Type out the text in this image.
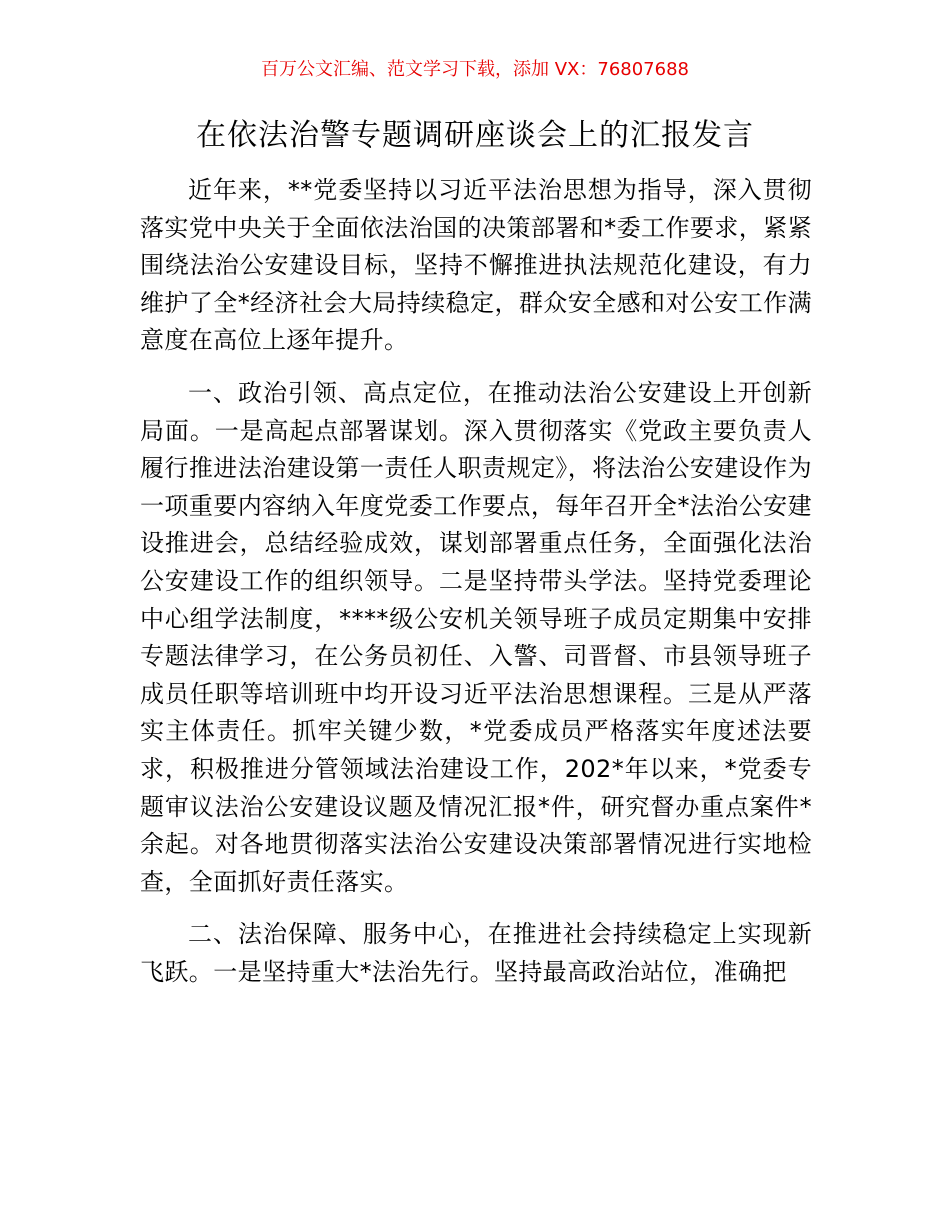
百万公文汇编、范文学习下载，添加 VX：76807688
在依法治警专题调研座谈会上的汇报发言

近年来，**党委坚持以习近平法治思想为指导，深入贯彻落实党中央关于全面依法治国的决策部署和*委工作要求，紧紧围绕法治公安建设目标，坚持不懈推进执法规范化建设，有力维护了全*经济社会大局持续稳定，群众安全感和对公安工作满意度在高位上逐年提升。

一、政治引领、高点定位，在推动法治公安建设上开创新局面。一是高起点部署谋划。深入贯彻落实《党政主要负责人履行推进法治建设第一责任人职责规定》，将法治公安建设作为一项重要内容纳入年度党委工作要点，每年召开全*法治公安建设推进会，总结经验成效，谋划部署重点任务，全面强化法治公安建设工作的组织领导。二是坚持带头学法。坚持党委理论中心组学法制度，****级公安机关领导班子成员定期集中安排专题法律学习，在公务员初任、入警、司晋督、市县领导班子成员任职等培训班中均开设习近平法治思想课程。三是从严落实主体责任。抓牢关键少数，*党委成员严格落实年度述法要求，积极推进分管领域法治建设工作，202*年以来，*党委专题审议法治公安建设议题及情况汇报*件，研究督办重点案件*余起。对各地贯彻落实法治公安建设决策部署情况进行实地检查，全面抓好责任落实。

二、法治保障、服务中心，在推进社会持续稳定上实现新飞跃。一是坚持重大*法治先行。坚持最高政治站位，准确把
